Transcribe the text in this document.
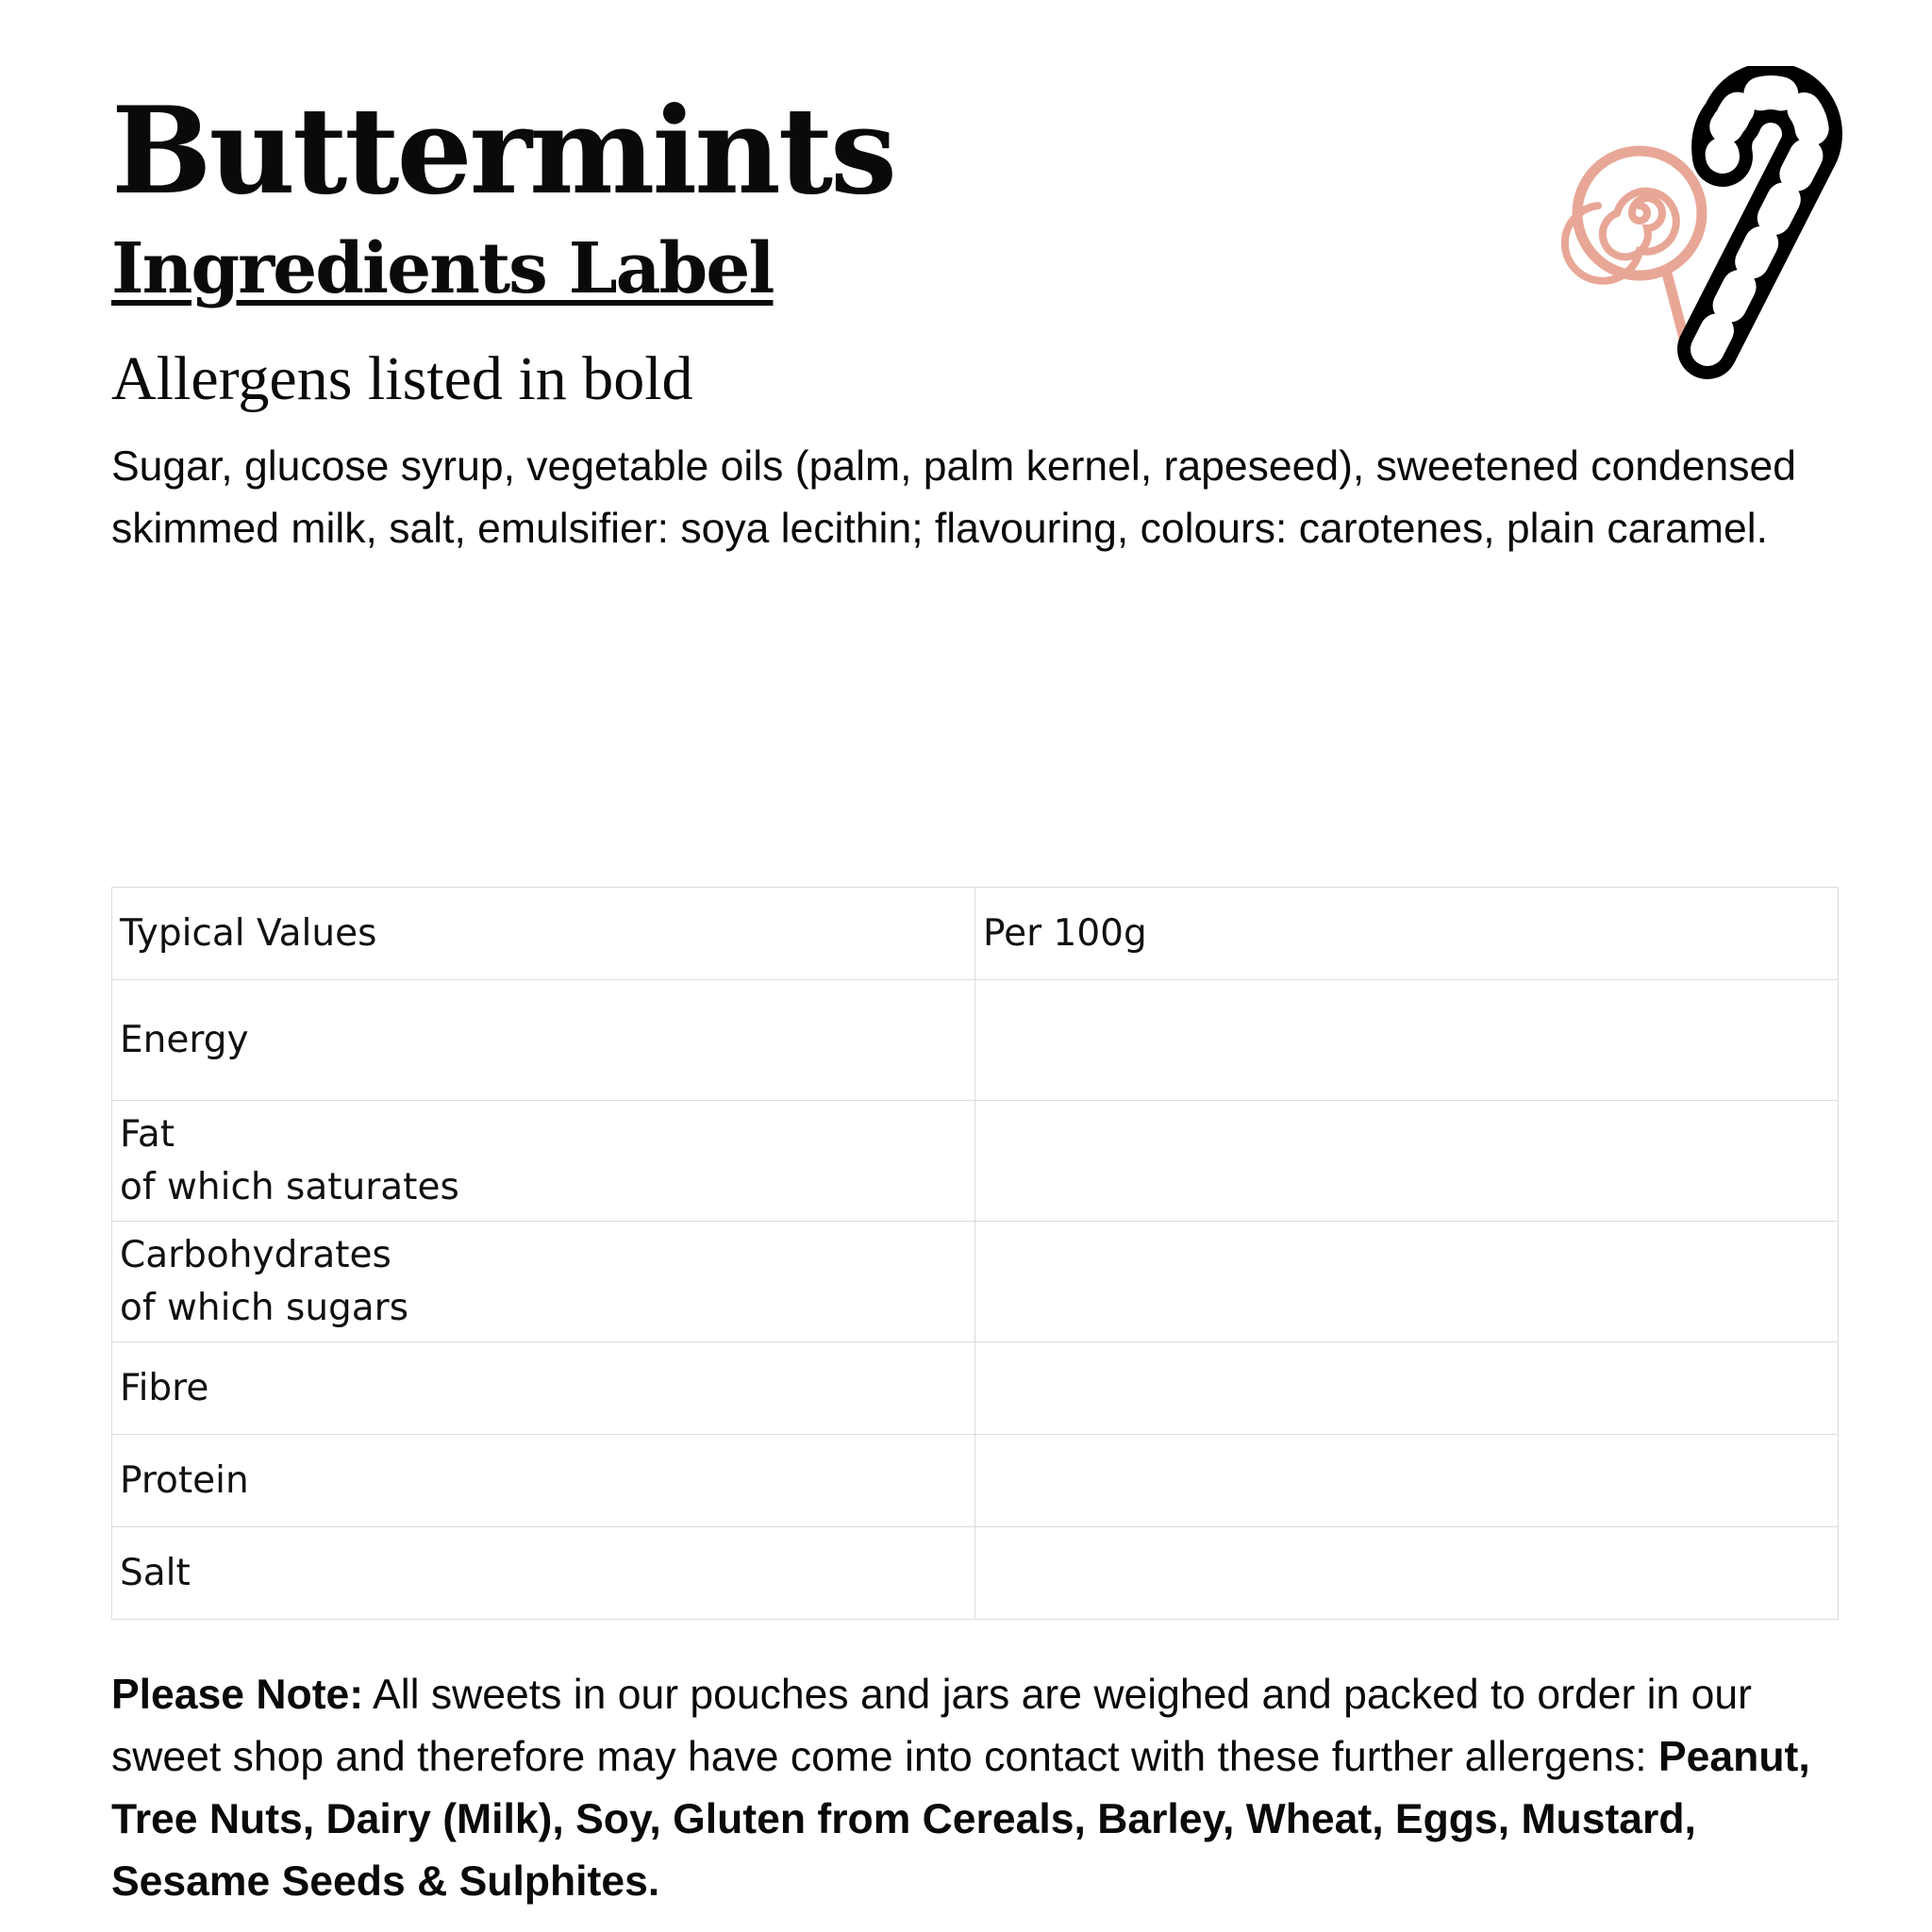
Buttermints
Ingredients Label
Allergens listed in bold

Sugar, glucose syrup, vegetable oils (palm, palm kernel, rapeseed), sweetened condensed skimmed milk, salt, emulsifier: soya lecithin; flavouring, colours: carotenes, plain caramel.

Typical Values	Per 100g

Energy	

Fat
of which saturates	

Carbohydrates
of which sugars	

Fibre	

Protein	

Salt	

Please Note: All sweets in our pouches and jars are weighed and packed to order in our sweet shop and therefore may have come into contact with these further allergens: Peanut, Tree Nuts, Dairy (Milk), Soy, Gluten from Cereals, Barley, Wheat, Eggs, Mustard, Sesame Seeds & Sulphites.
